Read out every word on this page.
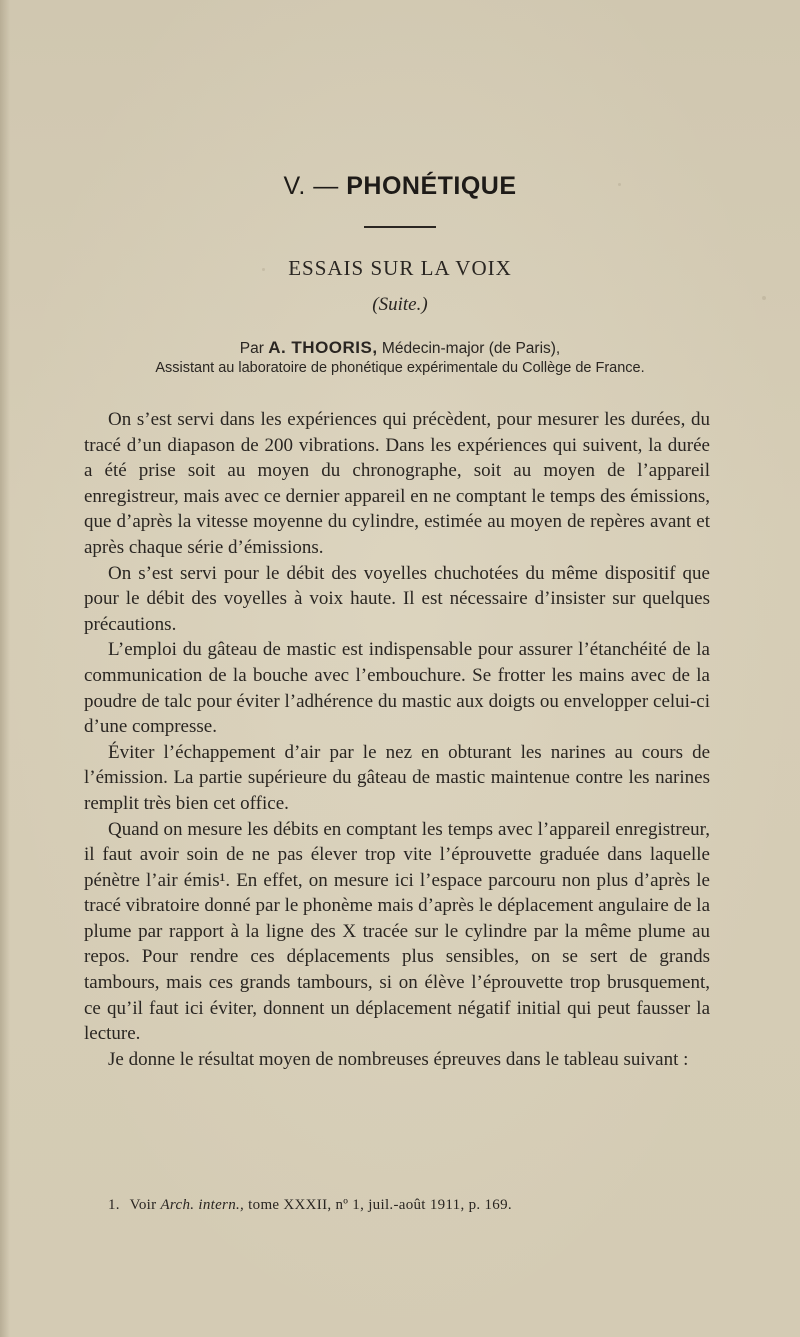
V. — PHONÉTIQUE
ESSAIS SUR LA VOIX
(Suite.)
Par A. THOORIS, Médecin-major (de Paris),
Assistant au laboratoire de phonétique expérimentale du Collège de France.

On s’est servi dans les expériences qui précèdent, pour mesurer les durées, du tracé d’un diapason de 200 vibrations. Dans les expériences qui suivent, la durée a été prise soit au moyen du chronographe, soit au moyen de l’appareil enregistreur, mais avec ce dernier appareil en ne comptant le temps des émissions, que d’après la vitesse moyenne du cylindre, estimée au moyen de repères avant et après chaque série d’émissions.

On s’est servi pour le débit des voyelles chuchotées du même dispositif que pour le débit des voyelles à voix haute. Il est nécessaire d’insister sur quelques précautions.

L’emploi du gâteau de mastic est indispensable pour assurer l’étanchéité de la communication de la bouche avec l’embouchure. Se frotter les mains avec de la poudre de talc pour éviter l’adhérence du mastic aux doigts ou envelopper celui-ci d’une compresse.

Éviter l’échappement d’air par le nez en obturant les narines au cours de l’émission. La partie supérieure du gâteau de mastic maintenue contre les narines remplit très bien cet office.

Quand on mesure les débits en comptant les temps avec l’appareil enregistreur, il faut avoir soin de ne pas élever trop vite l’éprouvette graduée dans laquelle pénètre l’air émis¹. En effet, on mesure ici l’espace parcouru non plus d’après le tracé vibratoire donné par le phonème mais d’après le déplacement angulaire de la plume par rapport à la ligne des X tracée sur le cylindre par la même plume au repos. Pour rendre ces déplacements plus sensibles, on se sert de grands tambours, mais ces grands tambours, si on élève l’éprouvette trop brusquement, ce qu’il faut ici éviter, donnent un déplacement négatif initial qui peut fausser la lecture.

Je donne le résultat moyen de nombreuses épreuves dans le tableau suivant :

1. Voir Arch. intern., tome XXXII, nº 1, juil.-août 1911, p. 169.
